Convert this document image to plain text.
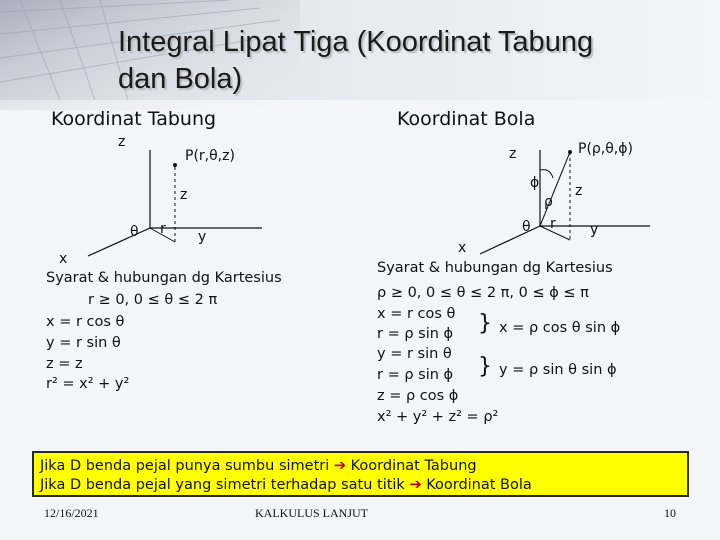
Integral Lipat Tiga (Koordinat Tabung
dan Bola)
Koordinat Tabung
z
P(r,θ,z)
z
θ r y
x
Syarat & hubungan dg Kartesius
r ≥ 0, 0 ≤ θ ≤ 2 π
x = r cos θ
y = r sin θ
z = z
r² = x² + y²
Koordinat Bola
z	P(ρ,θ,ϕ)
ϕ
ρ
z
θ r y
x
Syarat & hubungan dg Kartesius
ρ ≥ 0, 0 ≤ θ ≤ 2 π, 0 ≤ ϕ ≤ π
x = r cos θ
r = ρ sin ϕ
y = r sin θ
r = ρ sin ϕ
z = ρ cos ϕ
x² + y² + z² = ρ²
} x = ρ cos θ sin ϕ
} y = ρ sin θ sin ϕ
Jika D benda pejal punya sumbu simetri ➔ Koordinat Tabung
Jika D benda pejal yang simetri terhadap satu titik ➔ Koordinat Bola
12/16/2021	KALKULUS LANJUT	10
